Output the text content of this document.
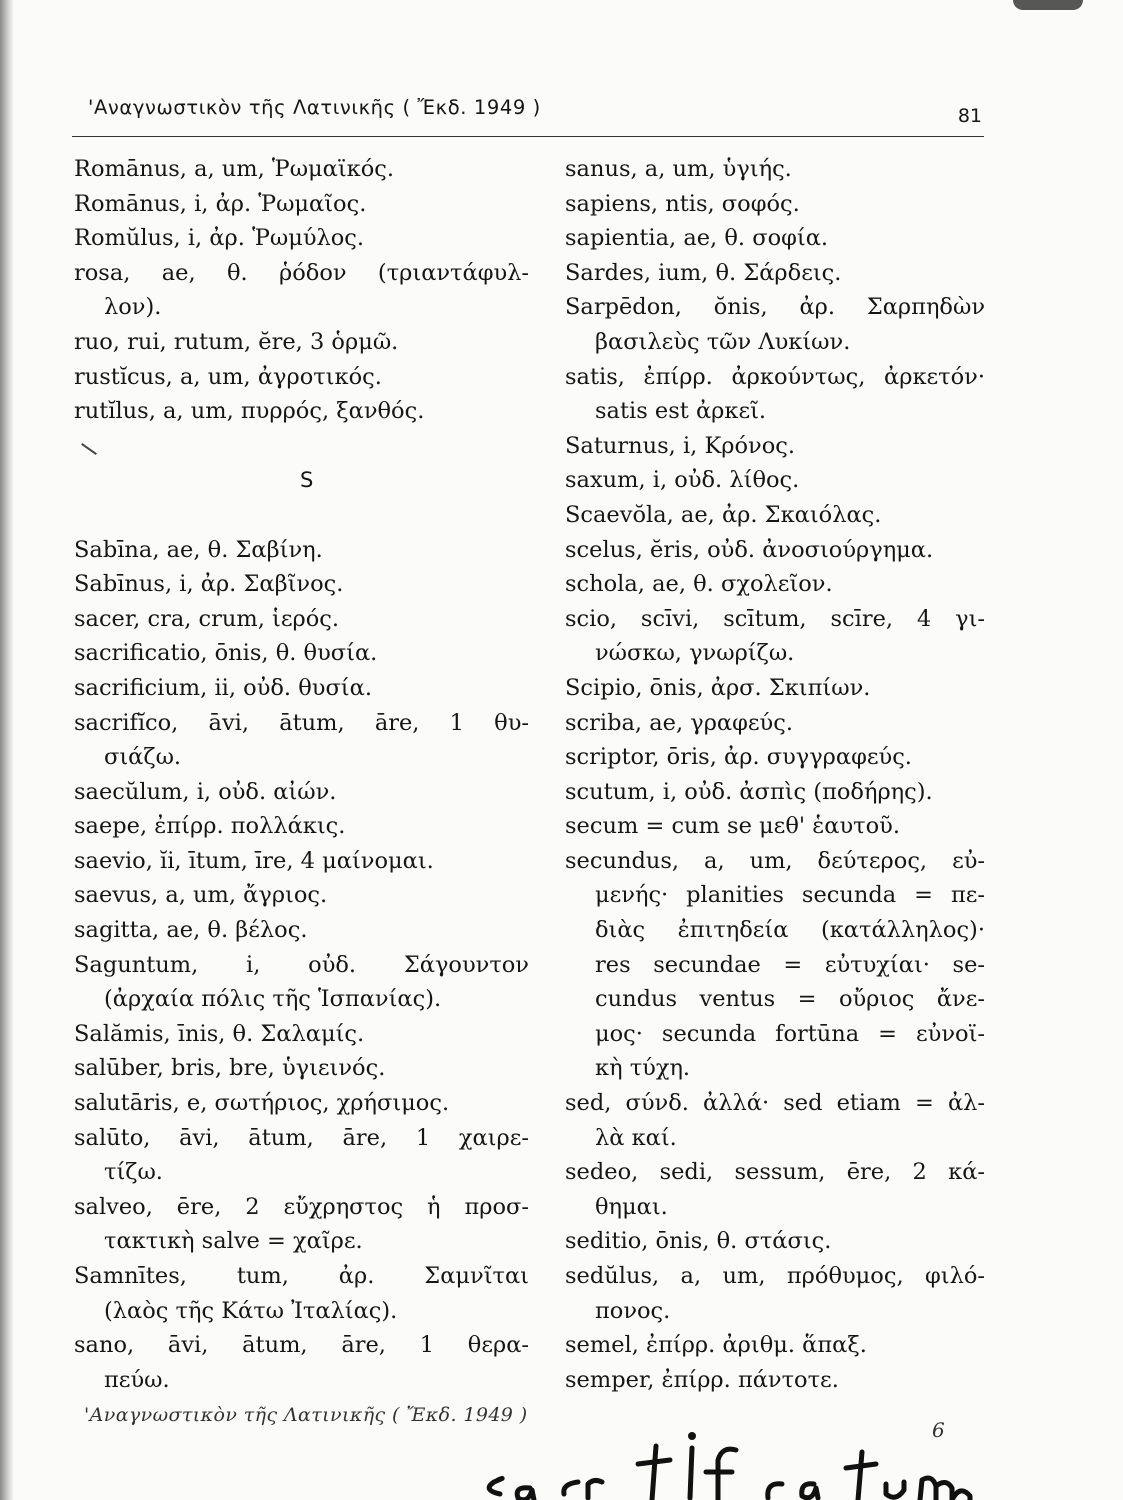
'Αναγνωστικὸν τῆς Λατινικῆς ( Ἔκδ. 1949 )	81
Romānus, a, um, Ῥωμαϊκός.
Romānus, i, ἀρ. Ῥωμαῖος.
Romŭlus, i, ἀρ. Ῥωμύλος.
rosa, ae, θ. ῥόδον (τριαντάφυλ-
λον).
ruo, rui, rutum, ĕre, 3 ὁρμῶ.
rustĭcus, a, um, ἀγροτικός.
rutĭlus, a, um, πυρρός, ξανθός.
S
Sabīna, ae, θ. Σαβίνη.
Sabīnus, i, ἀρ. Σαβῖνος.
sacer, cra, crum, ἱερός.
sacrificatio, ōnis, θ. θυσία.
sacrificium, ii, οὐδ. θυσία.
sacrifĭco, āvi, ātum, āre, 1 θυ-
σιάζω.
saecŭlum, i, οὐδ. αἰών.
saepe, ἐπίρρ. πολλάκις.
saevio, ĭi, ītum, īre, 4 μαίνομαι.
saevus, a, um, ἄγριος.
sagitta, ae, θ. βέλος.
Saguntum, i, οὐδ. Σάγουντον
(ἀρχαία πόλις τῆς Ἱσπανίας).
Salămis, īnis, θ. Σαλαμίς.
salūber, bris, bre, ὑγιεινός.
salutāris, e, σωτήριος, χρήσιμος.
salūto, āvi, ātum, āre, 1 χαιρε-
τίζω.
salveo, ēre, 2 εὔχρηστος ἡ προσ-
τακτικὴ salve = χαῖρε.
Samnītes, tum, ἀρ. Σαμνῖται
(λαὸς τῆς Κάτω Ἰταλίας).
sano, āvi, ātum, āre, 1 θερα-
πεύω.
sanus, a, um, ὑγιής.
sapiens, ntis, σοφός.
sapientia, ae, θ. σοφία.
Sardes, ium, θ. Σάρδεις.
Sarpēdon, ŏnis, ἀρ. Σαρπηδὼν
βασιλεὺς τῶν Λυκίων.
satis, ἐπίρρ. ἀρκούντως, ἀρκετόν·
satis est ἀρκεῖ.
Saturnus, i, Κρόνος.
saxum, i, οὐδ. λίθος.
Scaevŏla, ae, ἀρ. Σκαιόλας.
scelus, ĕris, οὐδ. ἀνοσιούργημα.
schola, ae, θ. σχολεῖον.
scio, scīvi, scītum, scīre, 4 γι-
νώσκω, γνωρίζω.
Scipio, ōnis, ἀρσ. Σκιπίων.
scriba, ae, γραφεύς.
scriptor, ōris, ἀρ. συγγραφεύς.
scutum, i, οὐδ. ἀσπὶς (ποδήρης).
secum = cum se μεθ' ἑαυτοῦ.
secundus, a, um, δεύτερος, εὐ-
μενής· planities secunda = πε-
διὰς ἐπιτηδεία (κατάλληλος)·
res secundae = εὐτυχίαι· se-
cundus ventus = οὔριος ἄνε-
μος· secunda fortūna = εὐνοϊ-
κὴ τύχη.
sed, σύνδ. ἀλλά· sed etiam = ἀλ-
λὰ καί.
sedeo, sedi, sessum, ēre, 2 κά-
θημαι.
seditio, ōnis, θ. στάσις.
sedŭlus, a, um, πρόθυμος, φιλό-
πονος.
semel, ἐπίρρ. ἀριθμ. ἅπαξ.
semper, ἐπίρρ. πάντοτε.
'Αναγνωστικὸν τῆς Λατινικῆς ( Ἔκδ. 1949 )
6
